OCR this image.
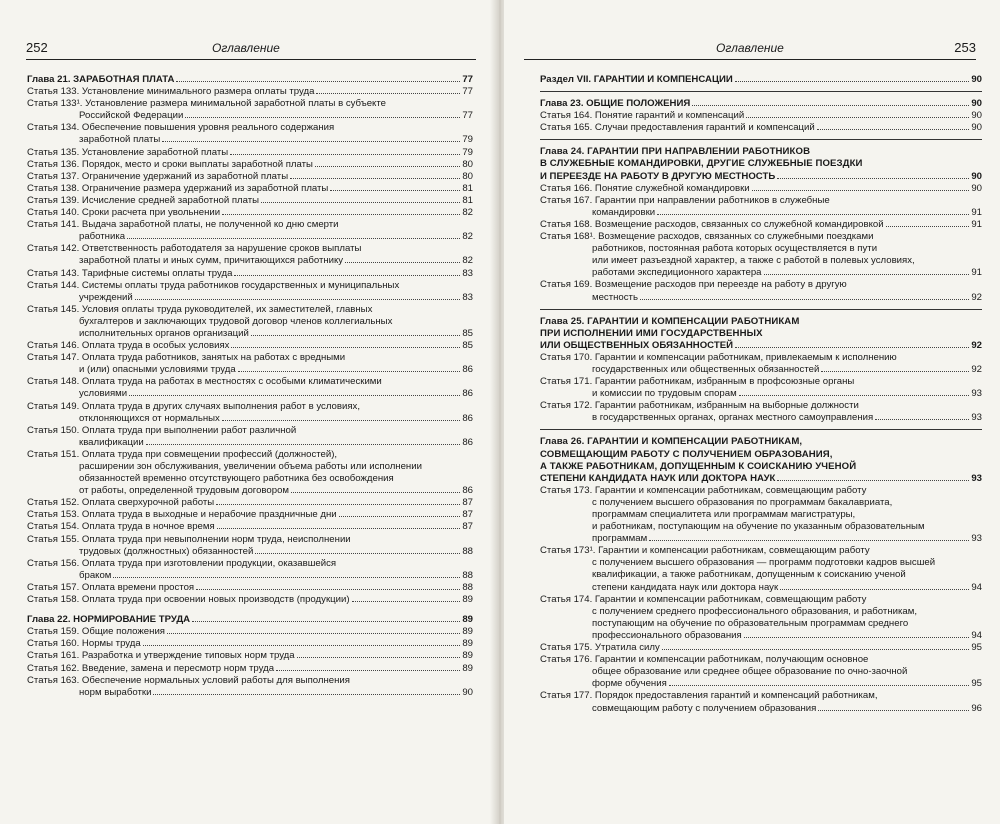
252	Оглавление
Глава 21. ЗАРАБОТНАЯ ПЛАТА	77
Статья 133. Установление минимального размера оплаты труда	77
Статья 133¹. Установление размера минимальной заработной платы в субъекте
Российской Федерации	77
Статья 134. Обеспечение повышения уровня реального содержания
заработной платы	79
Статья 135. Установление заработной платы	79
Статья 136. Порядок, место и сроки выплаты заработной платы	80
Статья 137. Ограничение удержаний из заработной платы	80
Статья 138. Ограничение размера удержаний из заработной платы	81
Статья 139. Исчисление средней заработной платы	81
Статья 140. Сроки расчета при увольнении	82
Статья 141. Выдача заработной платы, не полученной ко дню смерти
работника	82
Статья 142. Ответственность работодателя за нарушение сроков выплаты
заработной платы и иных сумм, причитающихся работнику	82
Статья 143. Тарифные системы оплаты труда	83
Статья 144. Системы оплаты труда работников государственных и муниципальных
учреждений	83
Статья 145. Условия оплаты труда руководителей, их заместителей, главных
бухгалтеров и заключающих трудовой договор членов коллегиальных
исполнительных органов организаций	85
Статья 146. Оплата труда в особых условиях	85
Статья 147. Оплата труда работников, занятых на работах с вредными
и (или) опасными условиями труда	86
Статья 148. Оплата труда на работах в местностях с особыми климатическими
условиями	86
Статья 149. Оплата труда в других случаях выполнения работ в условиях,
отклоняющихся от нормальных	86
Статья 150. Оплата труда при выполнении работ различной
квалификации	86
Статья 151. Оплата труда при совмещении профессий (должностей),
расширении зон обслуживания, увеличении объема работы или исполнении
обязанностей временно отсутствующего работника без освобождения
от работы, определенной трудовым договором	86
Статья 152. Оплата сверхурочной работы	87
Статья 153. Оплата труда в выходные и нерабочие праздничные дни	87
Статья 154. Оплата труда в ночное время	87
Статья 155. Оплата труда при невыполнении норм труда, неисполнении
трудовых (должностных) обязанностей	88
Статья 156. Оплата труда при изготовлении продукции, оказавшейся
браком	88
Статья 157. Оплата времени простоя	88
Статья 158. Оплата труда при освоении новых производств (продукции)	89
Глава 22. НОРМИРОВАНИЕ ТРУДА	89
Статья 159. Общие положения	89
Статья 160. Нормы труда	89
Статья 161. Разработка и утверждение типовых норм труда	89
Статья 162. Введение, замена и пересмотр норм труда	89
Статья 163. Обеспечение нормальных условий работы для выполнения
норм выработки	90
Оглавление	253
Раздел VII. ГАРАНТИИ И КОМПЕНСАЦИИ	90
Глава 23. ОБЩИЕ ПОЛОЖЕНИЯ	90
Статья 164. Понятие гарантий и компенсаций	90
Статья 165. Случаи предоставления гарантий и компенсаций	90
Глава 24. ГАРАНТИИ ПРИ НАПРАВЛЕНИИ РАБОТНИКОВ
В СЛУЖЕБНЫЕ КОМАНДИРОВКИ, ДРУГИЕ СЛУЖЕБНЫЕ ПОЕЗДКИ
И ПЕРЕЕЗДЕ НА РАБОТУ В ДРУГУЮ МЕСТНОСТЬ	90
Статья 166. Понятие служебной командировки	90
Статья 167. Гарантии при направлении работников в служебные
командировки	91
Статья 168. Возмещение расходов, связанных со служебной командировкой	91
Статья 168¹. Возмещение расходов, связанных со служебными поездками
работников, постоянная работа которых осуществляется в пути
или имеет разъездной характер, а также с работой в полевых условиях,
работами экспедиционного характера	91
Статья 169. Возмещение расходов при переезде на работу в другую
местность	92
Глава 25. ГАРАНТИИ И КОМПЕНСАЦИИ РАБОТНИКАМ
ПРИ ИСПОЛНЕНИИ ИМИ ГОСУДАРСТВЕННЫХ
ИЛИ ОБЩЕСТВЕННЫХ ОБЯЗАННОСТЕЙ	92
Статья 170. Гарантии и компенсации работникам, привлекаемым к исполнению
государственных или общественных обязанностей	92
Статья 171. Гарантии работникам, избранным в профсоюзные органы
и комиссии по трудовым спорам	93
Статья 172. Гарантии работникам, избранным на выборные должности
в государственных органах, органах местного самоуправления	93
Глава 26. ГАРАНТИИ И КОМПЕНСАЦИИ РАБОТНИКАМ,
СОВМЕЩАЮЩИМ РАБОТУ С ПОЛУЧЕНИЕМ ОБРАЗОВАНИЯ,
А ТАКЖЕ РАБОТНИКАМ, ДОПУЩЕННЫМ К СОИСКАНИЮ УЧЕНОЙ
СТЕПЕНИ КАНДИДАТА НАУК ИЛИ ДОКТОРА НАУК	93
Статья 173. Гарантии и компенсации работникам, совмещающим работу
с получением высшего образования по программам бакалавриата,
программам специалитета или программам магистратуры,
и работникам, поступающим на обучение по указанным образовательным
программам	93
Статья 173¹. Гарантии и компенсации работникам, совмещающим работу
с получением высшего образования — программ подготовки кадров высшей
квалификации, а также работникам, допущенным к соисканию ученой
степени кандидата наук или доктора наук	94
Статья 174. Гарантии и компенсации работникам, совмещающим работу
с получением среднего профессионального образования, и работникам,
поступающим на обучение по образовательным программам среднего
профессионального образования	94
Статья 175. Утратила силу	95
Статья 176. Гарантии и компенсации работникам, получающим основное
общее образование или среднее общее образование по очно-заочной
форме обучения	95
Статья 177. Порядок предоставления гарантий и компенсаций работникам,
совмещающим работу с получением образования	96
